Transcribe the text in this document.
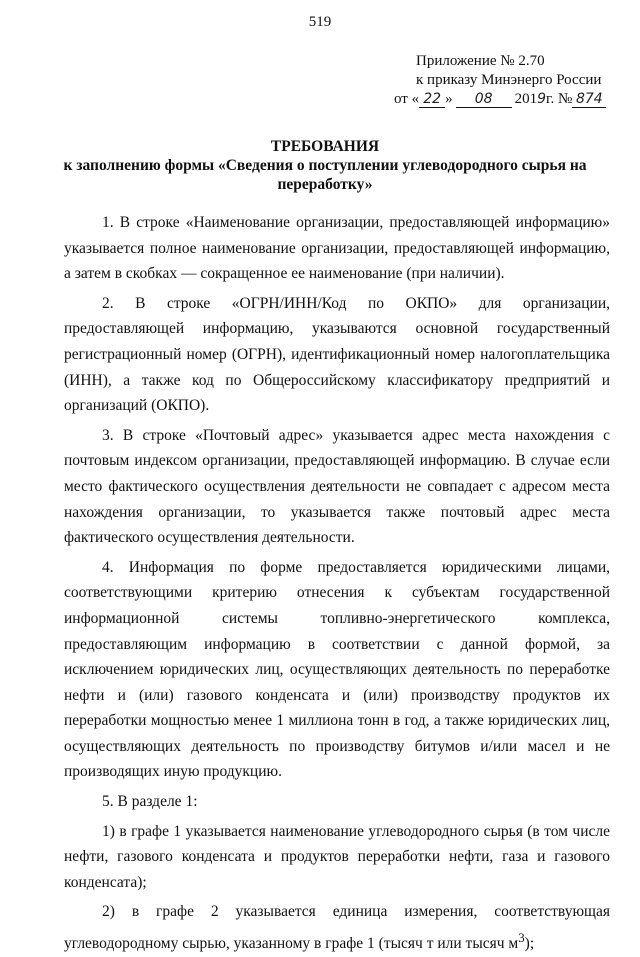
519
Приложение № 2.70
к приказу Минэнерго России
от « 22 » 08 2019г. № 874
ТРЕБОВАНИЯ
к заполнению формы «Сведения о поступлении углеводородного сырья на переработку»

1. В строке «Наименование организации, предоставляющей информацию» указывается полное наименование организации, предоставляющей информацию, а затем в скобках — сокращенное ее наименование (при наличии).

2. В строке «ОГРН/ИНН/Код по ОКПО» для организации, предоставляющей информацию, указываются основной государственный регистрационный номер (ОГРН), идентификационный номер налогоплательщика (ИНН), а также код по Общероссийскому классификатору предприятий и организаций (ОКПО).

3. В строке «Почтовый адрес» указывается адрес места нахождения с почтовым индексом организации, предоставляющей информацию. В случае если место фактического осуществления деятельности не совпадает с адресом места нахождения организации, то указывается также почтовый адрес места фактического осуществления деятельности.

4. Информация по форме предоставляется юридическими лицами, соответствующими критерию отнесения к субъектам государственной информационной системы топливно-энергетического комплекса, предоставляющим информацию в соответствии с данной формой, за исключением юридических лиц, осуществляющих деятельность по переработке нефти и (или) газового конденсата и (или) производству продуктов их переработки мощностью менее 1 миллиона тонн в год, а также юридических лиц, осуществляющих деятельность по производству битумов и/или масел и не производящих иную продукцию.

5. В разделе 1:

1) в графе 1 указывается наименование углеводородного сырья (в том числе нефти, газового конденсата и продуктов переработки нефти, газа и газового конденсата);

2) в графе 2 указывается единица измерения, соответствующая углеводородному сырью, указанному в графе 1 (тысяч т или тысяч $м^3$);
